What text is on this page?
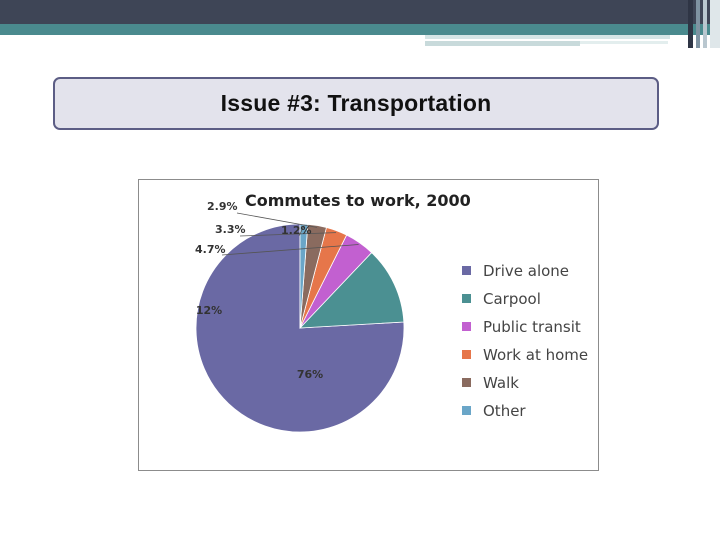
Issue #3: Transportation
Commutes to work, 2000
76%
12%
4.7%
3.3%
2.9%
1.2%
Drive alone
Carpool
Public transit
Work at home
Walk
Other
